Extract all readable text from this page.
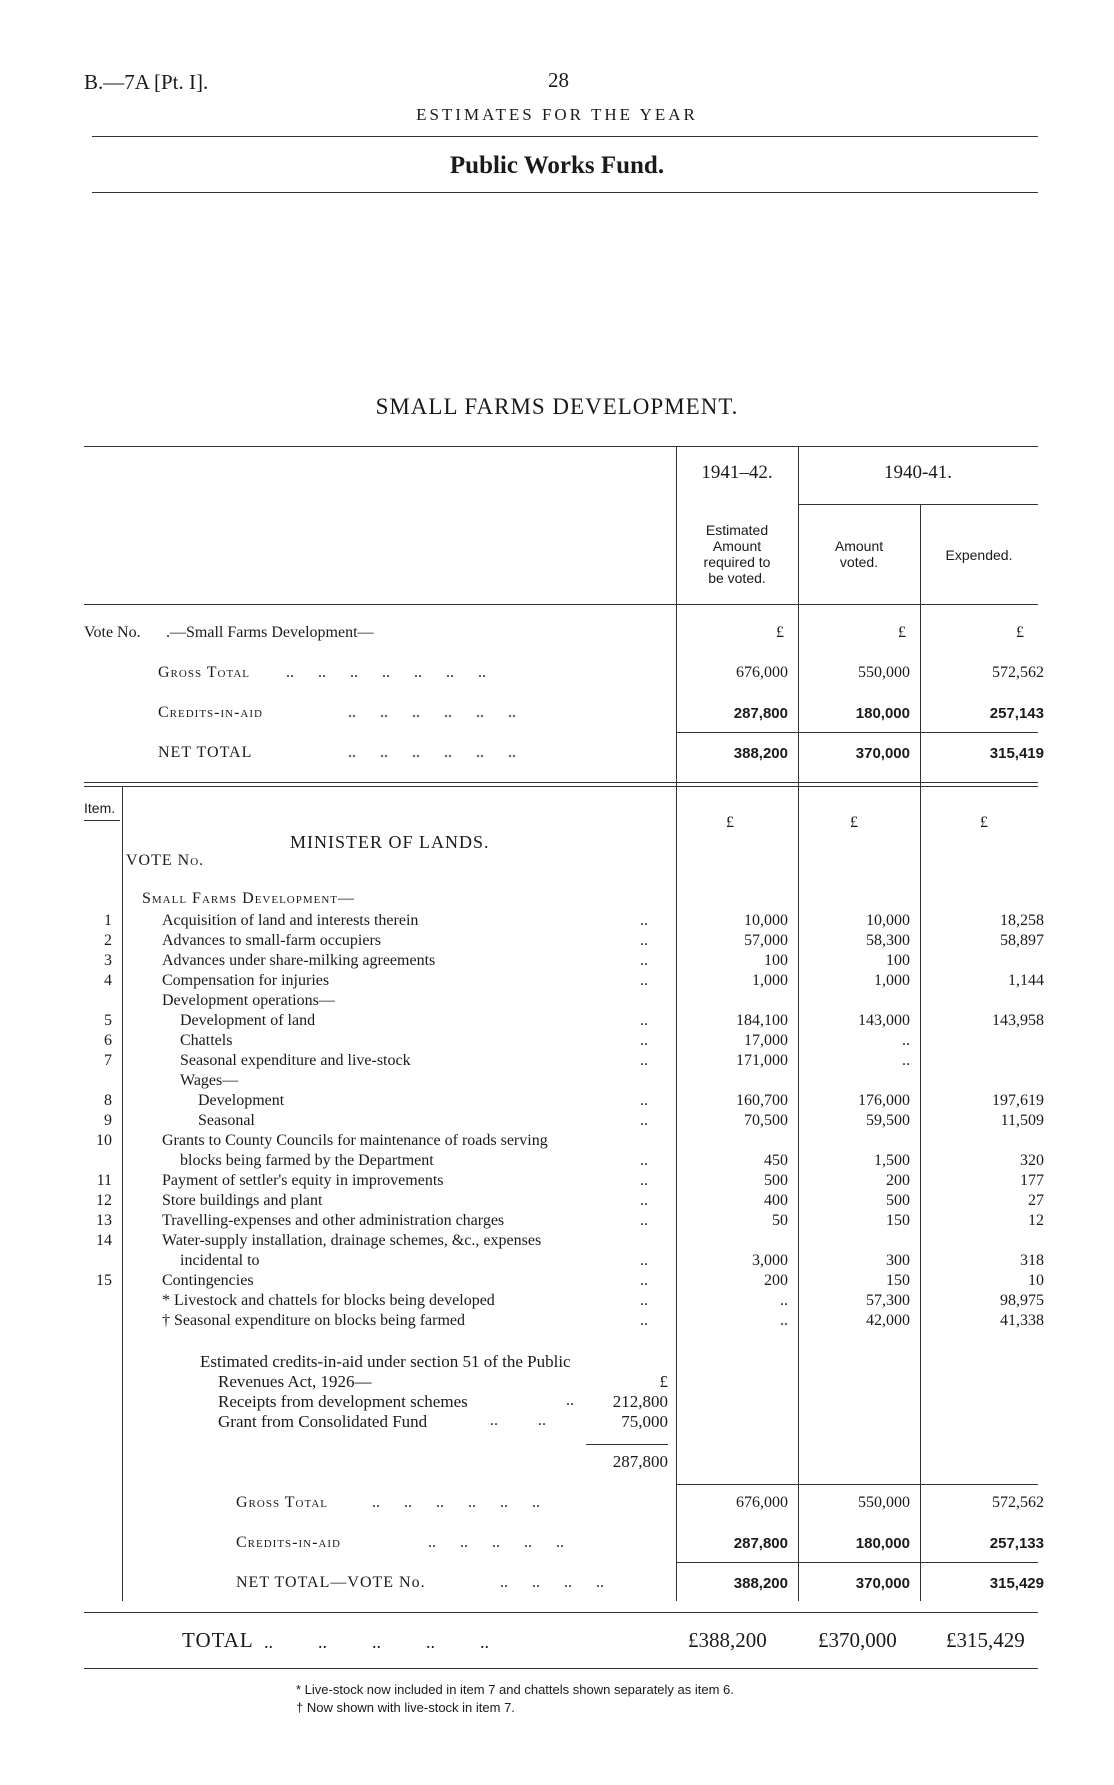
B.—7A [Pt. I].	28
ESTIMATES FOR THE YEAR
Public Works Fund.
SMALL FARMS DEVELOPMENT.
1941–42.	1940-41.
Estimated
Amount
required to
be voted.
Amount
voted.	Expended.
Vote No. .—Small Farms Development—	£	£	£
Gross Total ..      ..      ..      ..      ..      ..      ..	676,000	550,000	572,562
Credits-in-aid	..      ..      ..      ..      ..      ..	287,800	180,000	257,143
NET TOTAL	..      ..      ..      ..      ..      ..	388,200	370,000	315,419
Item.
MINISTER OF LANDS.
VOTE No.
£	£	£
Small Farms Development—
1	Acquisition of land and interests therein	..	10,000	10,000	18,258
2	Advances to small-farm occupiers	..	57,000	58,300	58,897
3	Advances under share-milking agreements	..	100	100
4	Compensation for injuries	..	1,000	1,000	1,144
Development operations—
5	Development of land	..	184,100	143,000	143,958
6	Chattels	..	17,000	..
7	Seasonal expenditure and live-stock	..	171,000	..
Wages—
8	Development	..	160,700	176,000	197,619
9	Seasonal	..	70,500	59,500	11,509
10	Grants to County Councils for maintenance of roads serving
blocks being farmed by the Department	..	450	1,500	320
11	Payment of settler's equity in improvements	..	500	200	177
12	Store buildings and plant	..	400	500	27
13	Travelling-expenses and other administration charges	..	50	150	12
14	Water-supply installation, drainage schemes, &c., expenses
incidental to	..	3,000	300	318
15	Contingencies	..	200	150	10
* Livestock and chattels for blocks being developed	..	..	57,300	98,975
† Seasonal expenditure on blocks being farmed	..	..	42,000	41,338
Estimated credits-in-aid under section 51 of the Public
Revenues Act, 1926—	£
Receipts from development schemes	..	212,800
Grant from Consolidated Fund	..          ..	75,000
287,800
Gross Total	..      ..      ..      ..      ..      ..	676,000	550,000	572,562
Credits-in-aid	..      ..      ..      ..      ..	287,800	180,000	257,133
NET TOTAL—VOTE No.	..      ..      ..      ..	388,200	370,000	315,429
TOTAL ..          ..          ..          ..          ..	£388,200 £370,000 £315,429
* Live-stock now included in item 7 and chattels shown separately as item 6.
† Now shown with live-stock in item 7.
